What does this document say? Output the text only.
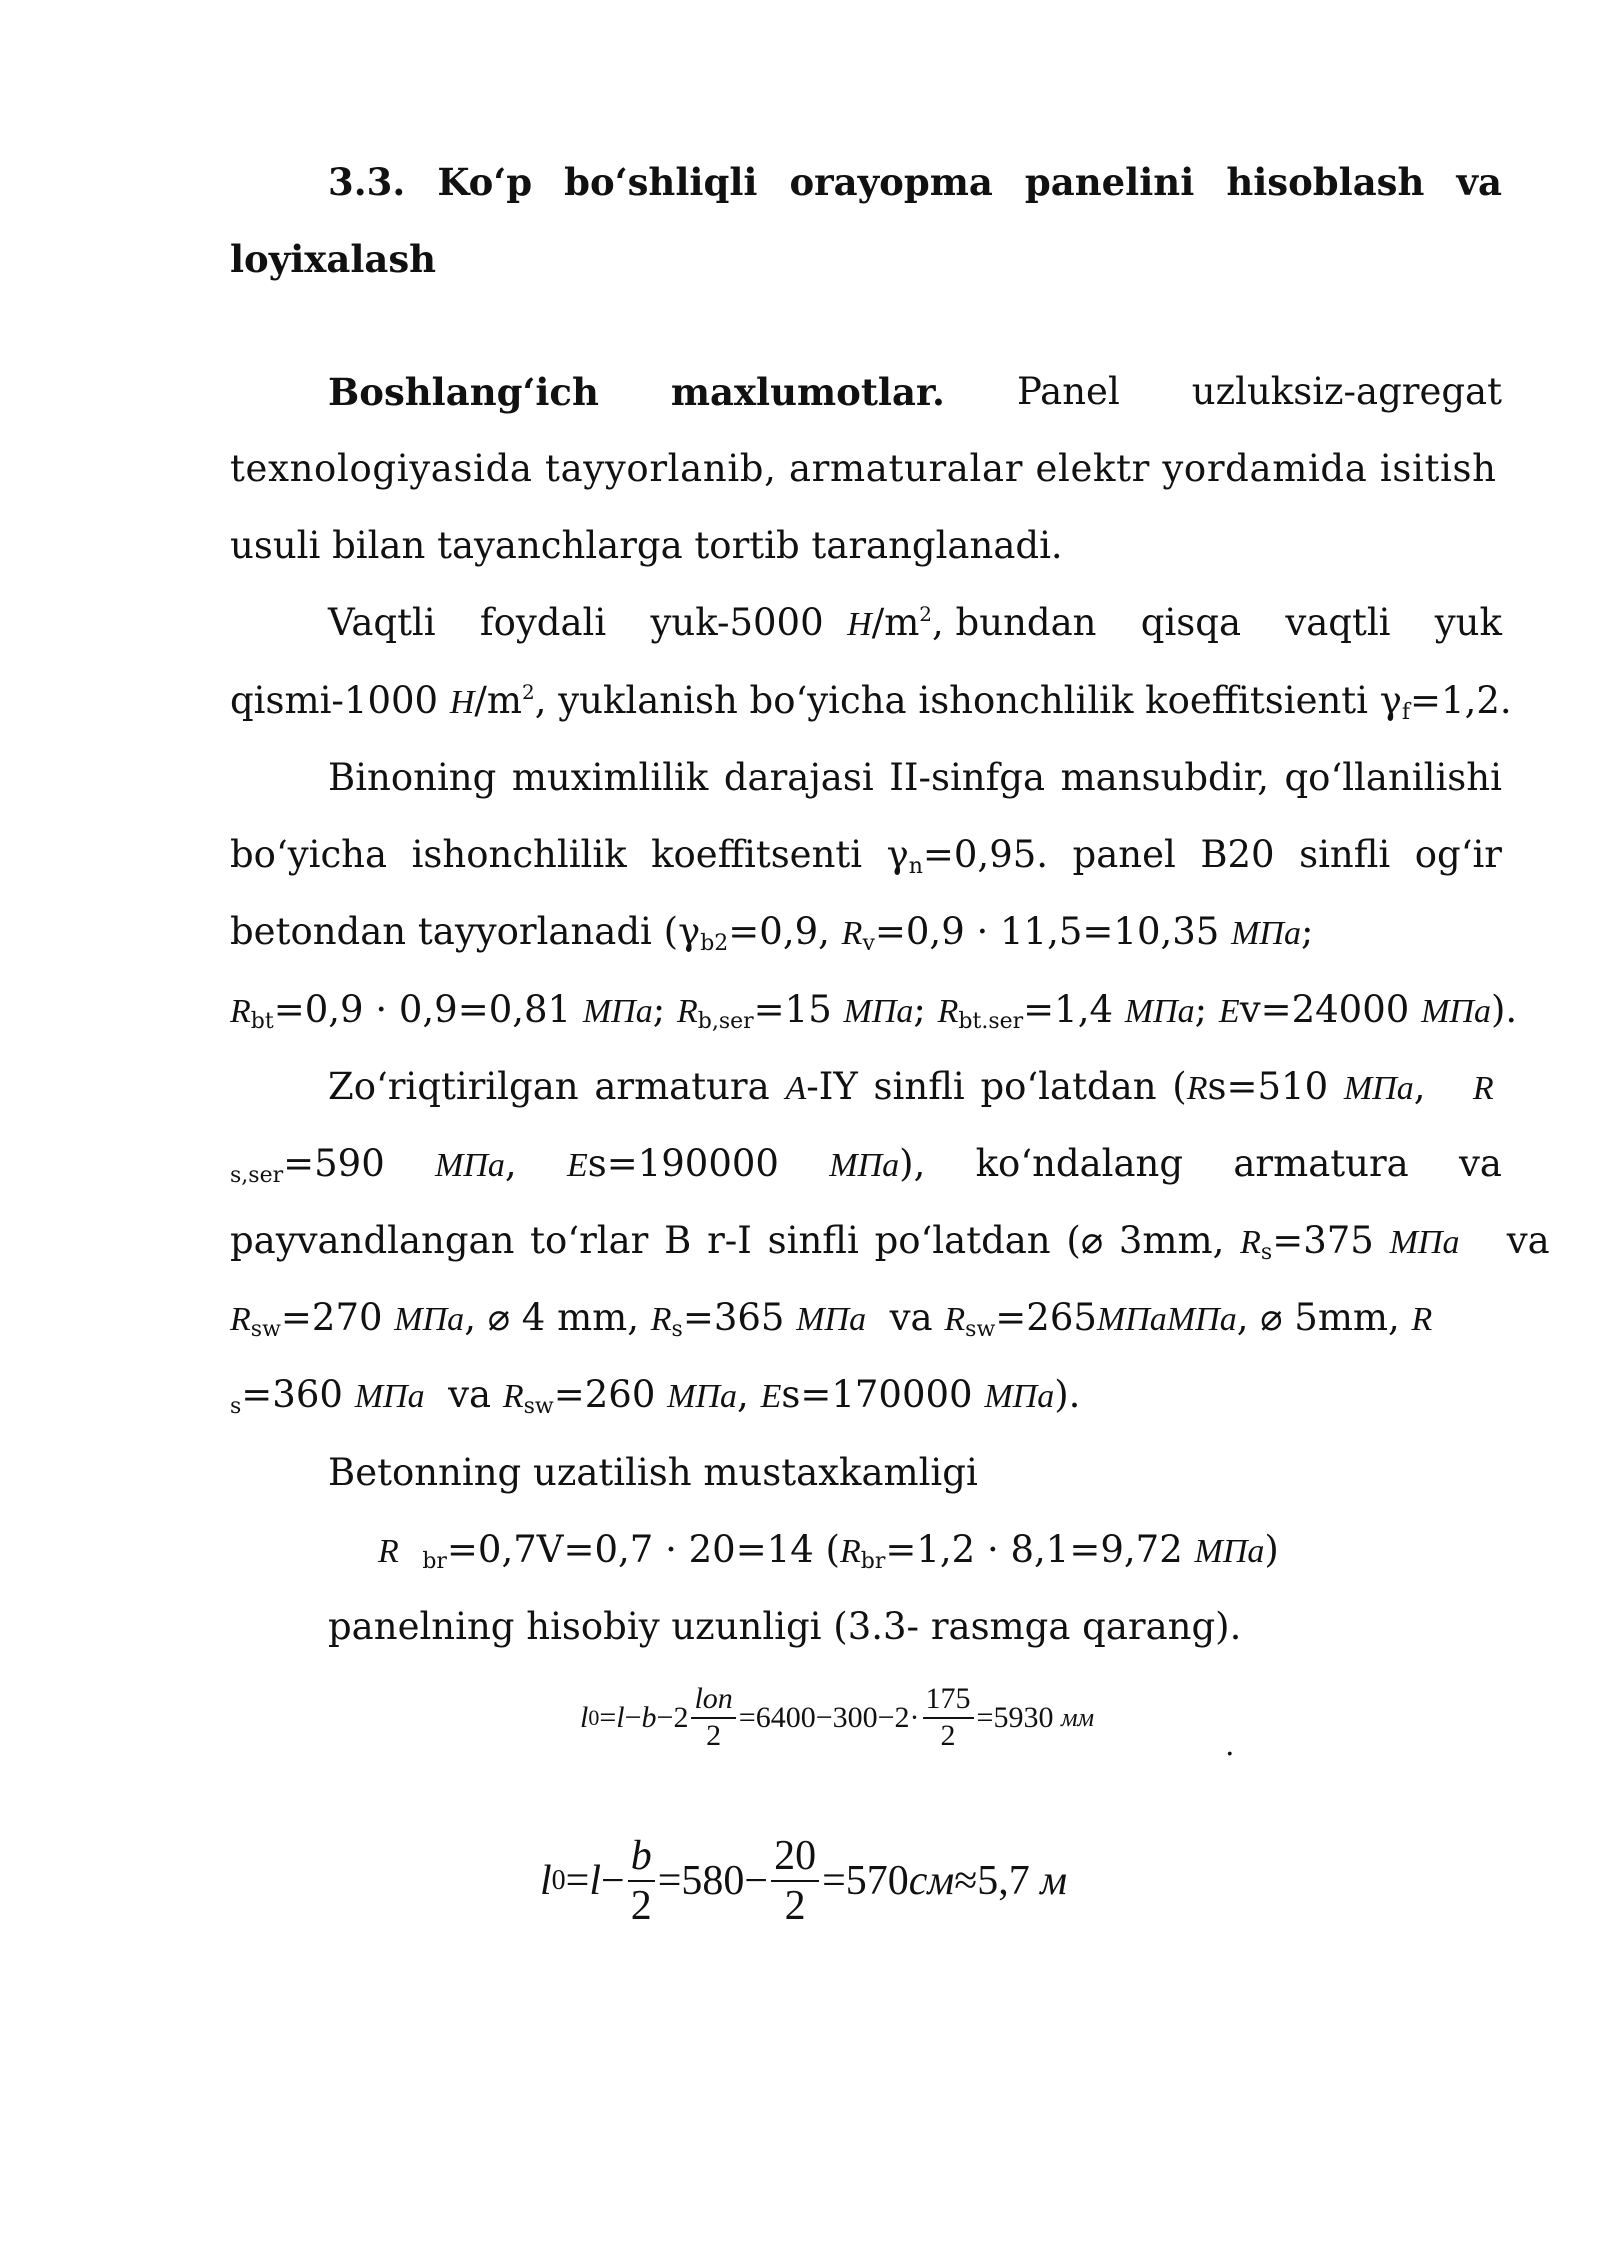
3.3. Ko‘p bo‘shliqli orayopma panelini hisoblash va
loyixalash
Boshlang‘ich maxlumotlar. Panel uzluksiz-agregat
texnologiyasida tayyorlanib, armaturalar elektr yordamida isitish
usuli bilan tayanchlarga tortib taranglanadi.
Vaqtli foydali yuk-5000 $Н/m^2$, bundan qisqa vaqtli yuk
qismi-1000 $Н/m^2$, yuklanish bo‘yicha ishonchlilik koeffitsienti $\gamma_f=1,2$.
Binoning muximlilik darajasi II-sinfga mansubdir, qo‘llanilishi
bo‘yicha ishonchlilik koeffitsenti $\gamma_n=0,95$. panel В20 sinfli og‘ir
betondan tayyorlanadi ($\gamma_{b2}=0,9$, $R_v=0,9 \cdot 11,5=10,35$ МПа;
$R_{bt}=0,9 \cdot 0,9=0,81$ МПа; $R_{b,ser}=15$ МПа; $R_{bt.ser}=1,4$ МПа; Ev=24000 МПа).
Zo‘riqtirilgan armatura A-IY sinfli po‘latdan (Rs=510 МПа, R
$_{s,ser}$=590 МПа, Es=190000 МПа), ko‘ndalang armatura va
payvandlangan to‘rlar B r-I sinfli po‘latdan (⌀ 3mm, $R_s=375$ МПа va
$R_{sw}=270$ МПа, ⌀ 4 mm, $R_s=365$ МПа va $R_{sw}=265МПаМПа$, ⌀ 5mm, R
$_s$=360 МПа va $R_{sw}=260$ МПа, Es=170000 МПа).
Betonning uzatilish mustaxkamligi
R $_{br}$=0,7V=0,7 · 20=14 ($R_{br}=1,2 \cdot 8,1=9,72$ МПа)
panelning hisobiy uzunligi (3.3- rasmga qarang).
l $0 = l - b -2 \frac{\text{lon}}{2} =6400-300-2\cdot \frac{175}{2} =5930$
мм
.
l $0 = l - \frac{b}{2} =580- \frac{20}{2} =570$ см ≈5,7
м
